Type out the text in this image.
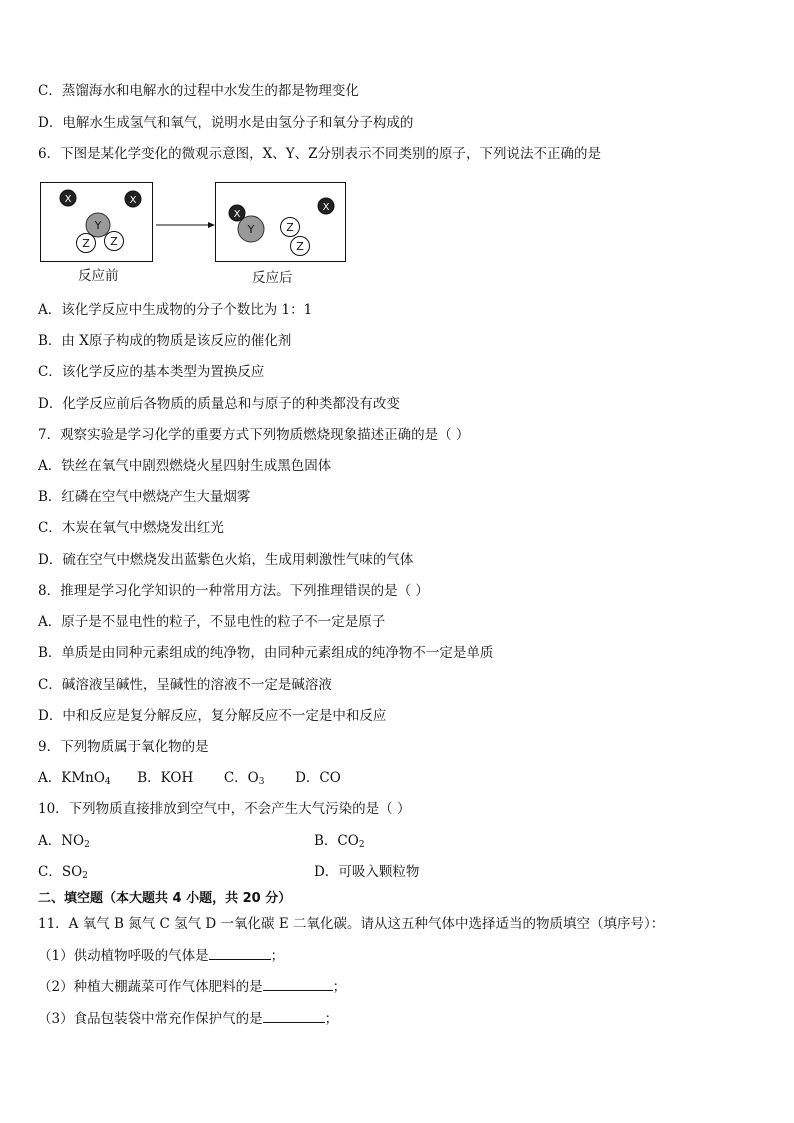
C．蒸馏海水和电解水的过程中水发生的都是物理变化
D．电解水生成氢气和氧气，说明水是由氢分子和氧分子构成的
6．下图是某化学变化的微观示意图，X、Y、Z分别表示不同类别的原子，下列说法不正确的是
X	X
Y
Z Z
Y
X
Z
Z
X
反应前	反应后
A．该化学反应中生成物的分子个数比为 1：1
B．由 X原子构成的物质是该反应的催化剂
C．该化学反应的基本类型为置换反应
D．化学反应前后各物质的质量总和与原子的种类都没有改变
7．观察实验是学习化学的重要方式下列物质燃烧现象描述正确的是（ ）
A．铁丝在氧气中剧烈燃烧火星四射生成黑色固体
B．红磷在空气中燃烧产生大量烟雾
C．木炭在氧气中燃烧发出红光
D．硫在空气中燃烧发出蓝紫色火焰，生成用刺激性气味的气体
8．推理是学习化学知识的一种常用方法。下列推理错误的是（ ）
A．原子是不显电性的粒子，不显电性的粒子不一定是原子
B．单质是由同种元素组成的纯净物，由同种元素组成的纯净物不一定是单质
C．碱溶液呈碱性，呈碱性的溶液不一定是碱溶液
D．中和反应是复分解反应，复分解反应不一定是中和反应
9．下列物质属于氧化物的是
A．KMnO$_4$ B．KOH C．$O_3$ D．CO
10．下列物质直接排放到空气中，不会产生大气污染的是（ ）
A．$NO_2$	B．$CO_2$
C．$SO_2$	D．可吸入颗粒物
二、填空题（本大题共 4 小题，共 20 分）
11．A 氧气 B 氮气 C 氢气 D 一氧化碳 E 二氧化碳。请从这五种气体中选择适当的物质填空（填序号）：
（1）供动植物呼吸的气体是	；
（2）种植大棚蔬菜可作气体肥料的是	；
（3）食品包装袋中常充作保护气的是	；
